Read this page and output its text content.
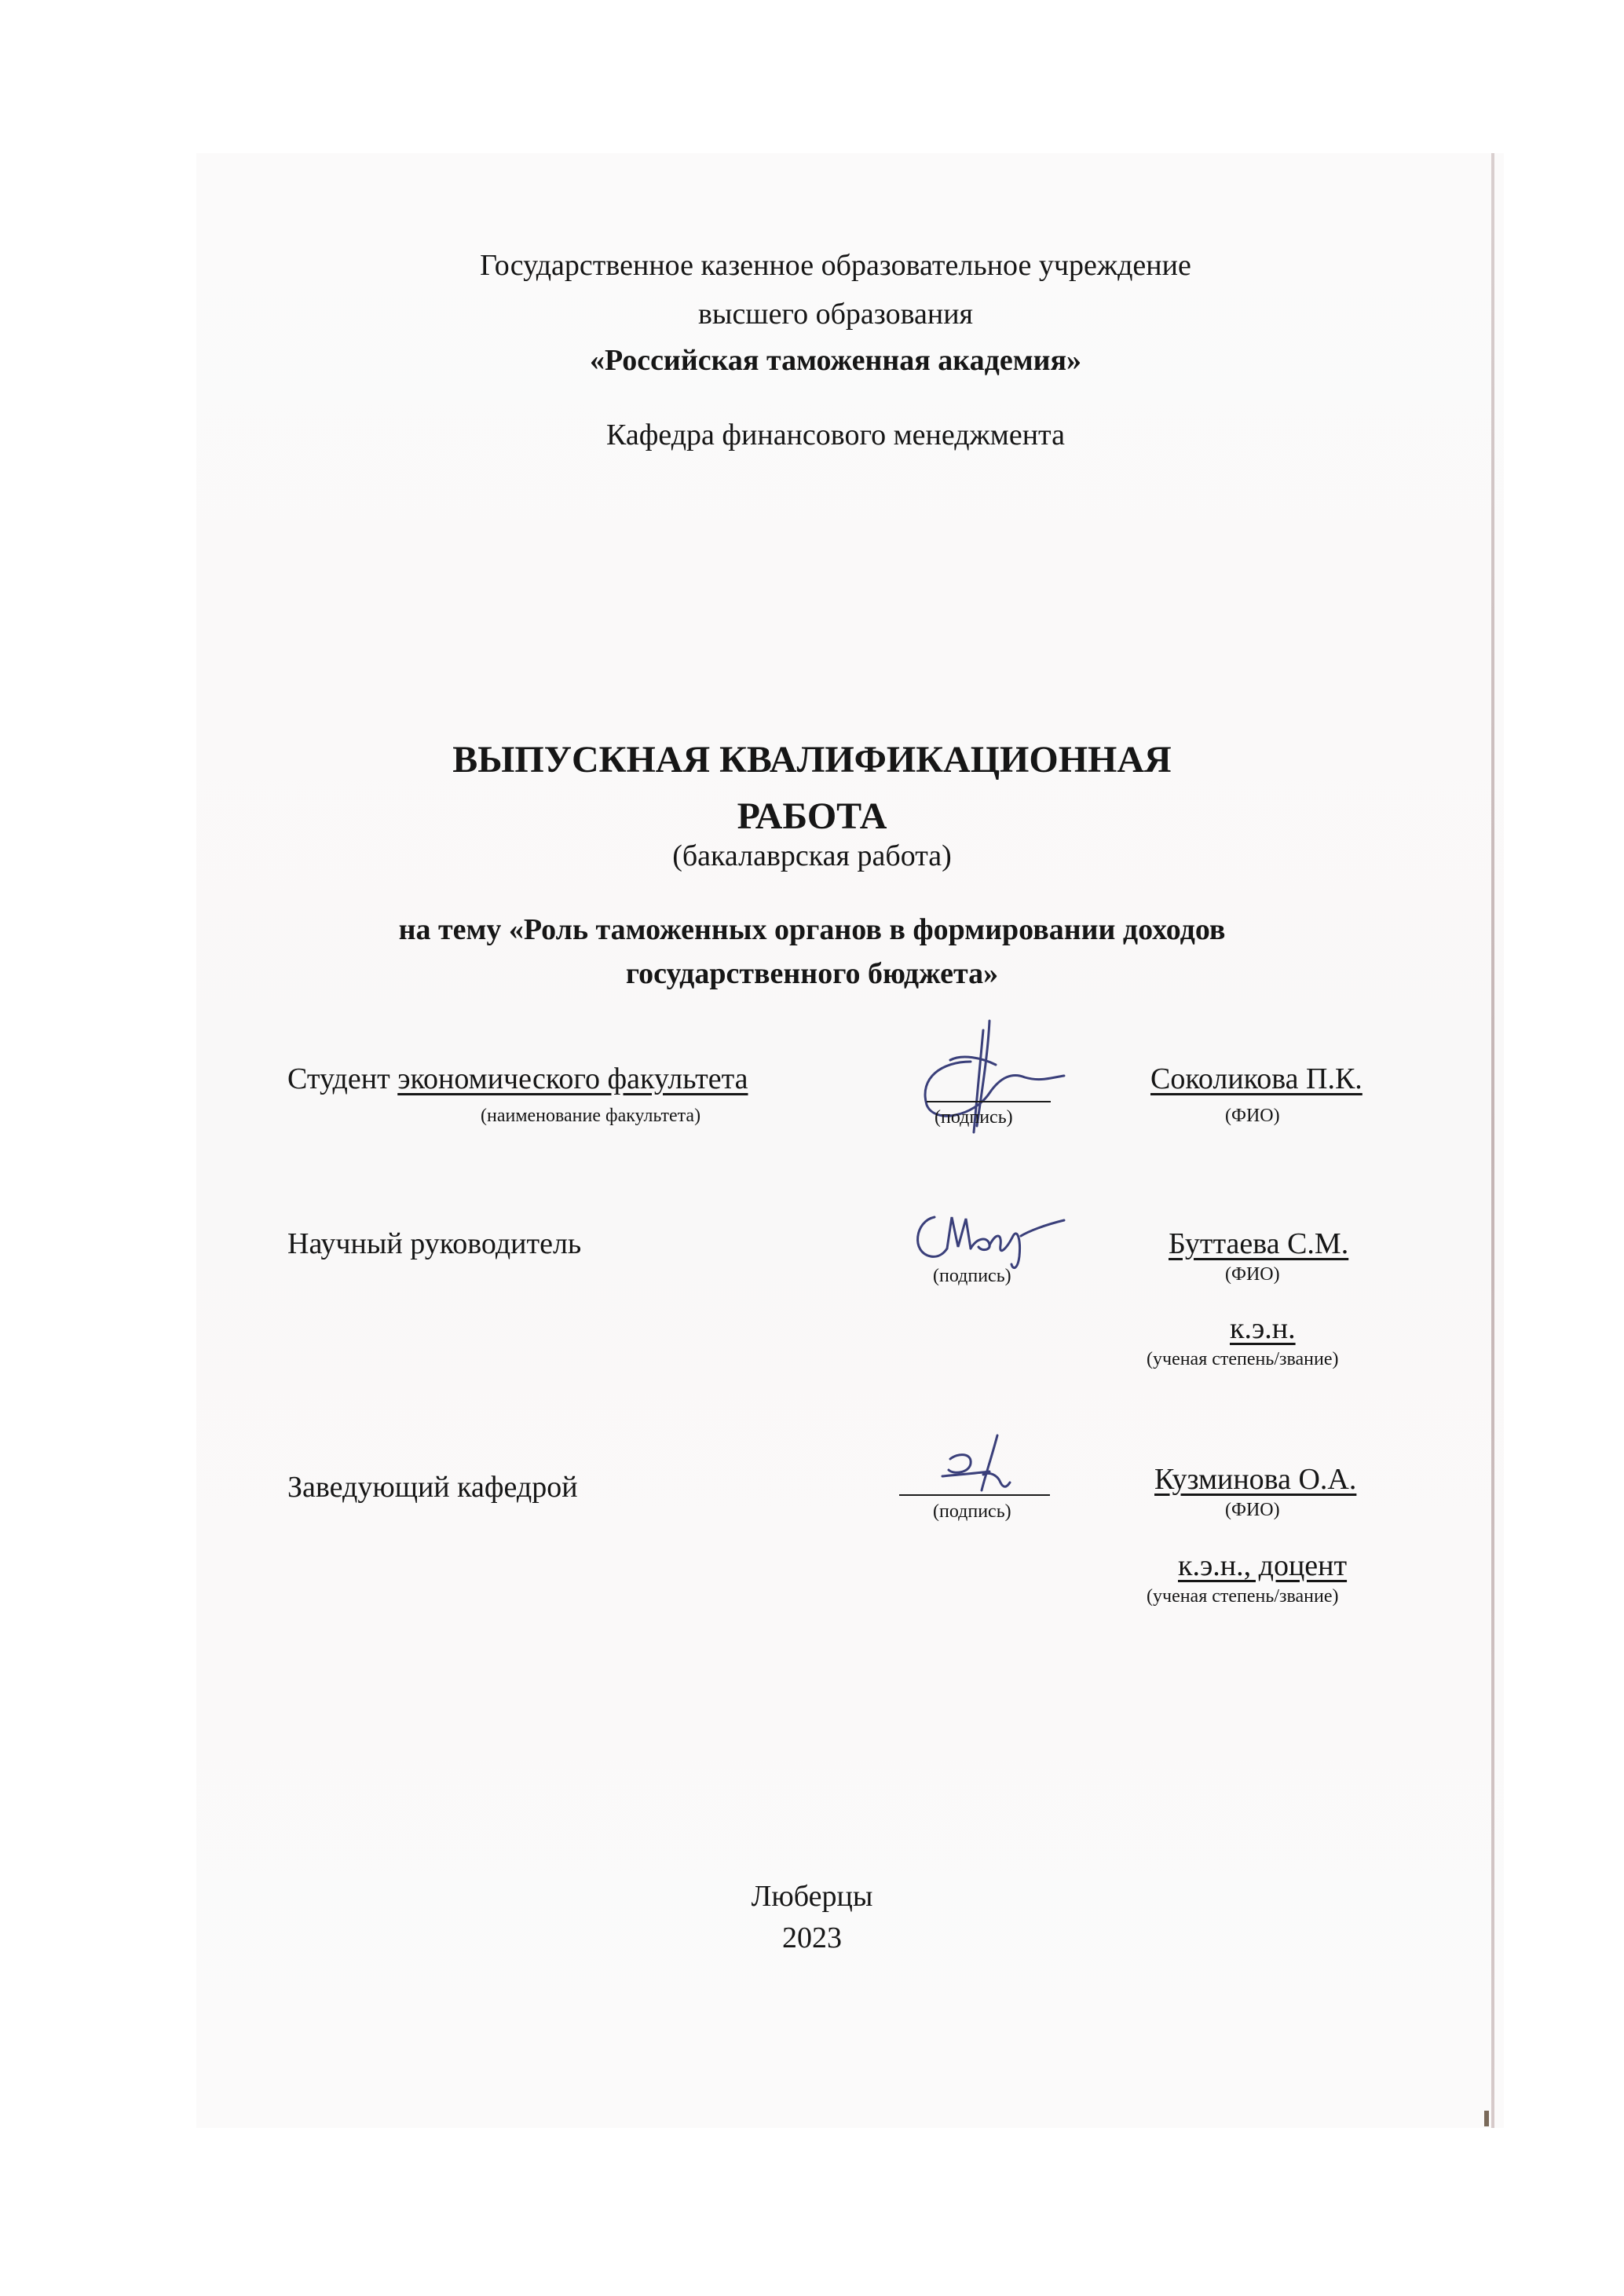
Государственное казенное образовательное учреждение
высшего образования
«Российская таможенная академия»
Кафедра финансового менеджмента
ВЫПУСКНАЯ КВАЛИФИКАЦИОННАЯ
РАБОТА
(бакалаврская работа)
на тему «Роль таможенных органов в формировании доходов
государственного бюджета»
Студент экономического факультета
(наименование факультета)	(подпись)
Соколикова П.К.
(ФИО)
Научный руководитель
(подпись)
Буттаева С.М.
(ФИО)
к.э.н.
(ученая степень/звание)
Заведующий кафедрой
(подпись)
Кузминова О.А.
(ФИО)
к.э.н., доцент
(ученая степень/звание)
Люберцы
2023
